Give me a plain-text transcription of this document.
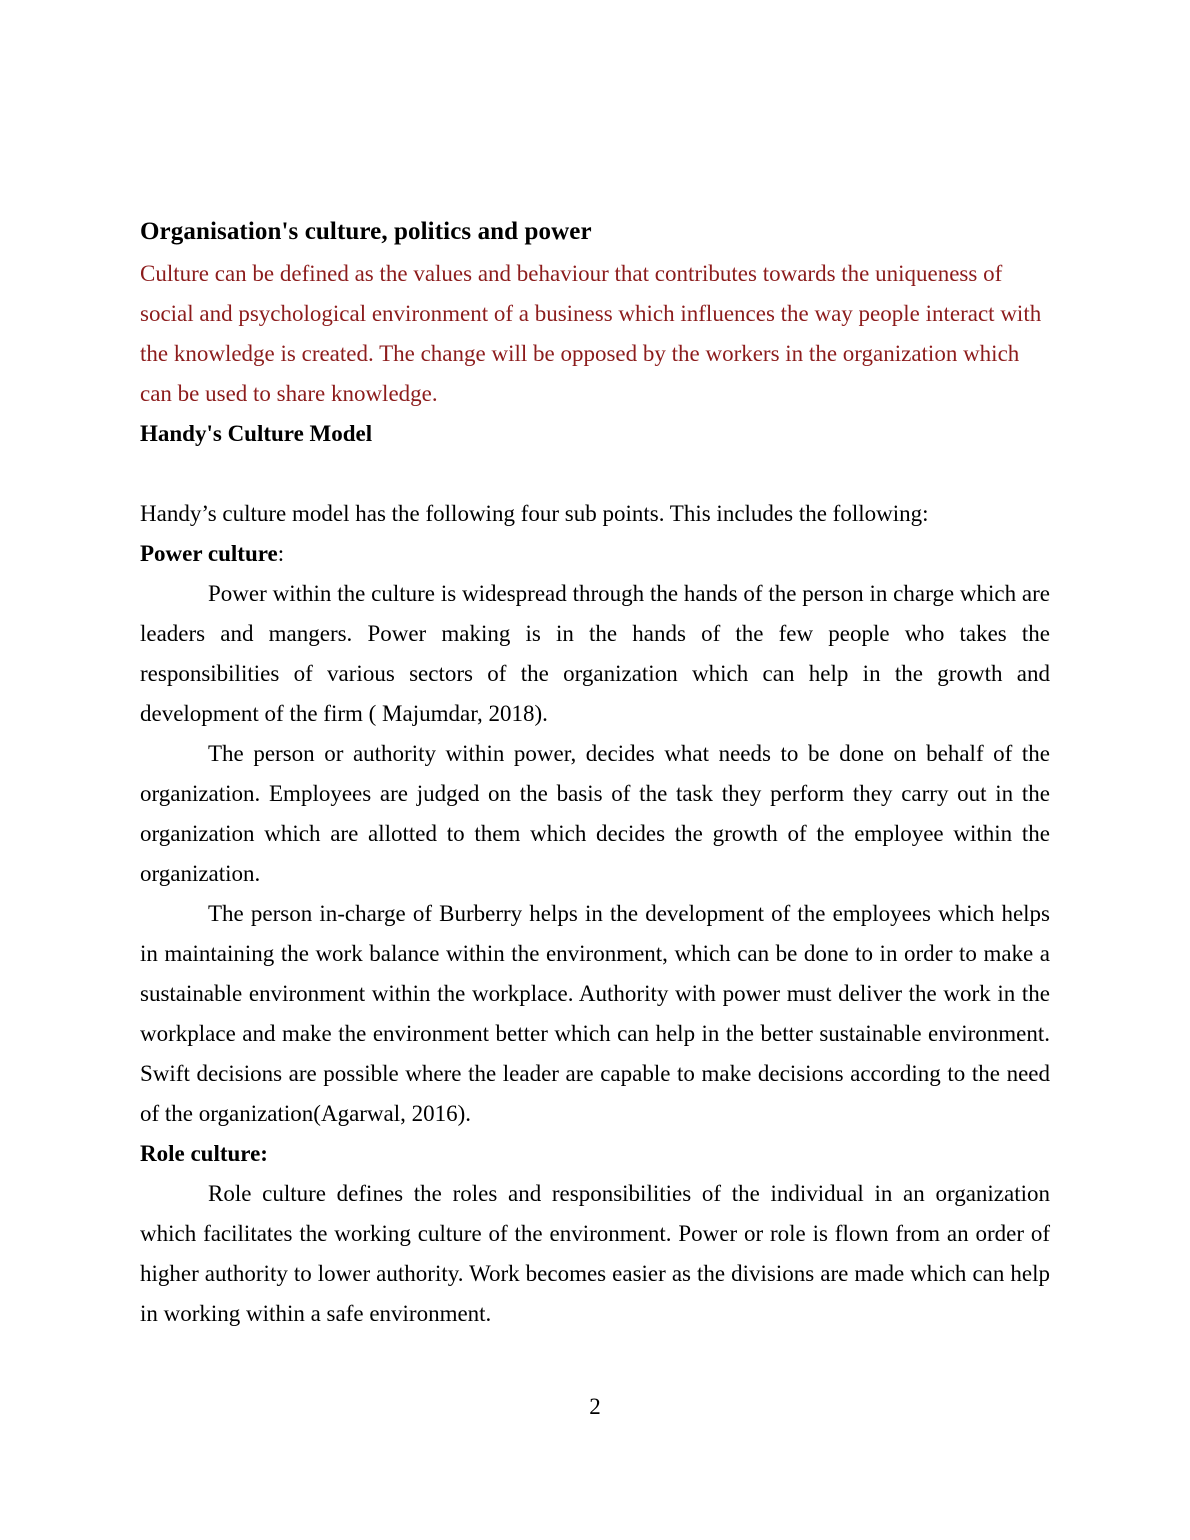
Organisation's culture, politics and power

Culture can be defined as the values and behaviour that contributes towards the uniqueness of social and psychological environment of a business which influences the way people interact with the knowledge is created. The change will be opposed by the workers in the organization which can be used to share knowledge.

Handy's Culture Model

Handy’s culture model has the following four sub points. This includes the following:

Power culture:

Power within the culture is widespread through the hands of the person in charge which are leaders and mangers. Power making is in the hands of the few people who takes the responsibilities of various sectors of the organization which can help in the growth and development of the firm ( Majumdar, 2018).

The person or authority within power, decides what needs to be done on behalf of the organization. Employees are judged on the basis of the task they perform they carry out in the organization which are allotted to them which decides the growth of the employee within the organization.

The person in-charge of Burberry helps in the development of the employees which helps in maintaining the work balance within the environment, which can be done to in order to make a sustainable environment within the workplace. Authority with power must deliver the work in the workplace and make the environment better which can help in the better sustainable environment. Swift decisions are possible where the leader are capable to make decisions according to the need of the organization(Agarwal, 2016).

Role culture:

Role culture defines the roles and responsibilities of the individual in an organization which facilitates the working culture of the environment. Power or role is flown from an order of higher authority to lower authority. Work becomes easier as the divisions are made which can help in working within a safe environment.

2
